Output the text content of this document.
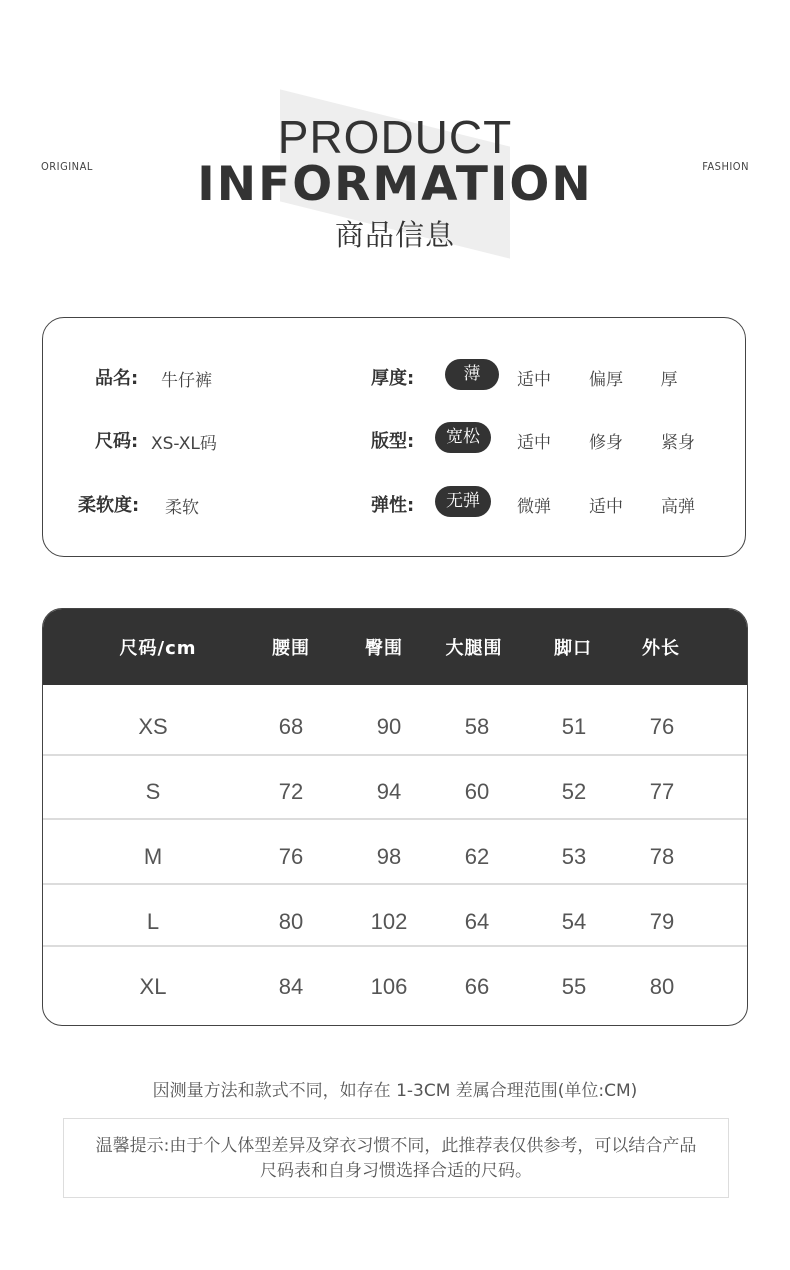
ORIGINAL	FASHION
PRODUCT
INFORMATION
商品信息
品名: 牛仔裤
尺码: XS-XL码
柔软度: 柔软
厚度:	薄	适中	偏厚	厚
版型:	宽松	适中	修身	紧身
弹性:	无弹	微弹	适中	高弹
尺码/cm	腰围	臀围	大腿围	脚口	外长
XS	68	90	58	51	76
S	72	94	60	52	77
M	76	98	62	53	78
L	80	102	64	54	79
XL	84	106	66	55	80
因测量方法和款式不同，如存在 1-3CM 差属合理范围(单位:CM)
温馨提示:由于个人体型差异及穿衣习惯不同，此推荐表仅供参考，可以结合产品
尺码表和自身习惯选择合适的尺码。
